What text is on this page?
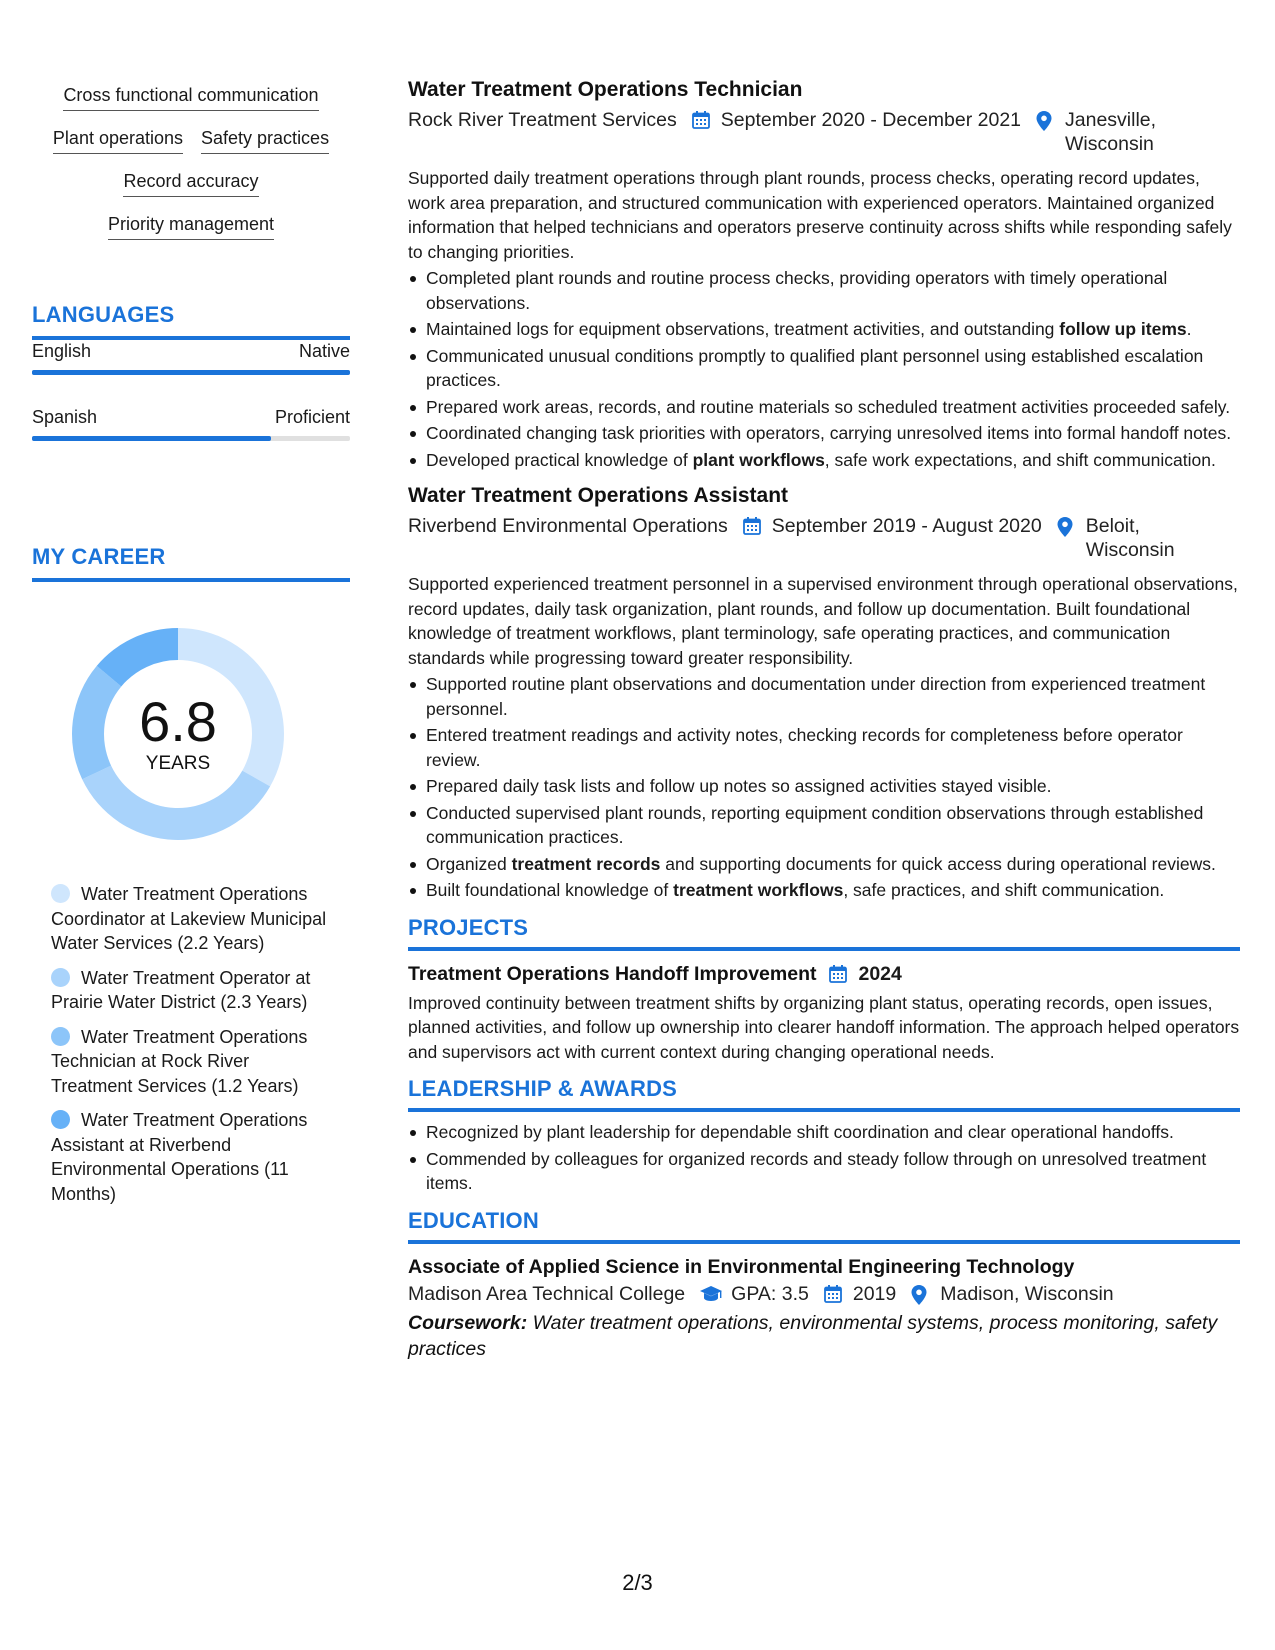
Cross functional communication
Plant operations Safety practices
Record accuracy
Priority management
LANGUAGES
English	Native
Spanish	Proficient
MY CAREER
6.8
YEARS
Water Treatment Operations Coordinator at Lakeview Municipal Water Services (2.2 Years)
Water Treatment Operator at Prairie Water District (2.3 Years)
Water Treatment Operations Technician at Rock River Treatment Services (1.2 Years)
Water Treatment Operations Assistant at Riverbend Environmental Operations (11 Months)
Water Treatment Operations Technician
Rock River Treatment Services September 2020 - December 2021 Janesville,
Wisconsin
Supported daily treatment operations through plant rounds, process checks, operating record updates, work area preparation, and structured communication with experienced operators. Maintained organized information that helped technicians and operators preserve continuity across shifts while responding safely to changing priorities.
Completed plant rounds and routine process checks, providing operators with timely operational observations.
Maintained logs for equipment observations, treatment activities, and outstanding follow up items.
Communicated unusual conditions promptly to qualified plant personnel using established escalation practices.
Prepared work areas, records, and routine materials so scheduled treatment activities proceeded safely.
Coordinated changing task priorities with operators, carrying unresolved items into formal handoff notes.
Developed practical knowledge of plant workflows, safe work expectations, and shift communication.
Water Treatment Operations Assistant
Riverbend Environmental Operations September 2019 - August 2020 Beloit,
Wisconsin
Supported experienced treatment personnel in a supervised environment through operational observations, record updates, daily task organization, plant rounds, and follow up documentation. Built foundational knowledge of treatment workflows, plant terminology, safe operating practices, and communication standards while progressing toward greater responsibility.
Supported routine plant observations and documentation under direction from experienced treatment personnel.
Entered treatment readings and activity notes, checking records for completeness before operator review.
Prepared daily task lists and follow up notes so assigned activities stayed visible.
Conducted supervised plant rounds, reporting equipment condition observations through established communication practices.
Organized treatment records and supporting documents for quick access during operational reviews.
Built foundational knowledge of treatment workflows, safe practices, and shift communication.
PROJECTS
Treatment Operations Handoff Improvement 2024
Improved continuity between treatment shifts by organizing plant status, operating records, open issues, planned activities, and follow up ownership into clearer handoff information. The approach helped operators and supervisors act with current context during changing operational needs.
LEADERSHIP & AWARDS
Recognized by plant leadership for dependable shift coordination and clear operational handoffs.
Commended by colleagues for organized records and steady follow through on unresolved treatment items.
EDUCATION
Associate of Applied Science in Environmental Engineering Technology
Madison Area Technical College GPA: 3.5 2019 Madison, Wisconsin
Coursework: Water treatment operations, environmental systems, process monitoring, safety practices
2/3
